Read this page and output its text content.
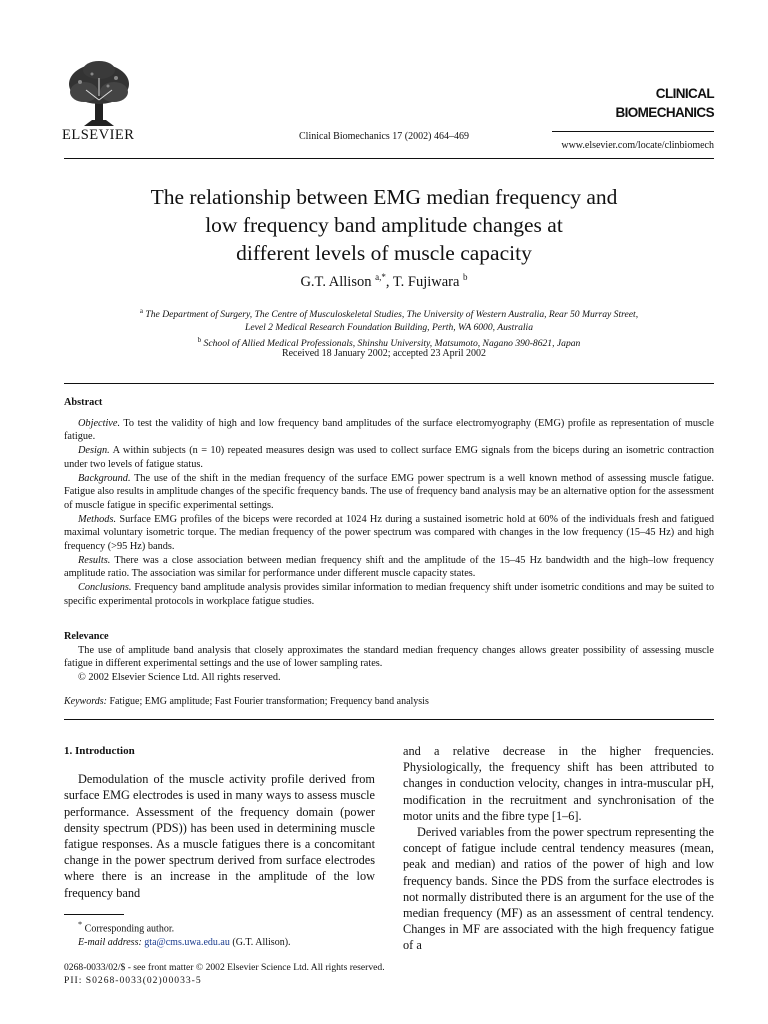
ELSEVIER	Clinical Biomechanics 17 (2002) 464–469
CLINICAL
BIOMECHANICS
www.elsevier.com/locate/clinbiomech
The relationship between EMG median frequency and
low frequency band amplitude changes at
different levels of muscle capacity
G.T. Allison $^{a,*}$, T. Fujiwara $^b$
$^a$ The Department of Surgery, The Centre of Musculoskeletal Studies, The University of Western Australia, Rear 50 Murray Street,
Level 2 Medical Research Foundation Building, Perth, WA 6000, Australia
$^b$ School of Allied Medical Professionals, Shinshu University, Matsumoto, Nagano 390-8621, Japan
Received 18 January 2002; accepted 23 April 2002
Abstract

Objective. To test the validity of high and low frequency band amplitudes of the surface electromyography (EMG) profile as representation of muscle fatigue.

Design. A within subjects (n = 10) repeated measures design was used to collect surface EMG signals from the biceps during an isometric contraction under two levels of fatigue status.

Background. The use of the shift in the median frequency of the surface EMG power spectrum is a well known method of assessing muscle fatigue. Fatigue also results in amplitude changes of the specific frequency bands. The use of frequency band analysis may be an alternative option for the assessment of muscle fatigue in specific experimental settings.

Methods. Surface EMG profiles of the biceps were recorded at 1024 Hz during a sustained isometric hold at 60% of the individuals fresh and fatigued maximal voluntary isometric torque. The median frequency of the power spectrum was compared with changes in the low frequency (15–45 Hz) and high frequency (>95 Hz) bands.

Results. There was a close association between median frequency shift and the amplitude of the 15–45 Hz bandwidth and the high–low frequency amplitude ratio. The association was similar for performance under different muscle capacity states.

Conclusions. Frequency band amplitude analysis provides similar information to median frequency shift under isometric conditions and may be suited to specific experimental protocols in workplace fatigue studies.

Relevance

The use of amplitude band analysis that closely approximates the standard median frequency changes allows greater possibility of assessing muscle fatigue in different experimental settings and the use of lower sampling rates.

© 2002 Elsevier Science Ltd. All rights reserved.

Keywords: Fatigue; EMG amplitude; Fast Fourier transformation; Frequency band analysis

1. Introduction

Demodulation of the muscle activity profile derived from surface EMG electrodes is used in many ways to assess muscle performance. Assessment of the frequency domain (power density spectrum (PDS)) has been used in determining muscle fatigue responses. As a muscle fatigues there is a concomitant change in the power spectrum derived from surface electrodes where there is an increase in the amplitude of the low frequency band

and a relative decrease in the higher frequencies. Physiologically, the frequency shift has been attributed to changes in conduction velocity, changes in intra-muscular pH, modification in the recruitment and synchronisation of the motor units and the fibre type [1–6].

Derived variables from the power spectrum representing the concept of fatigue include central tendency measures (mean, peak and median) and ratios of the power of high and low frequency bands. Since the PDS from the surface electrodes is not normally distributed there is an argument for the use of the median frequency (MF) as an assessment of central tendency. Changes in MF are associated with the high frequency fatigue of a

* Corresponding author.
E-mail address: gta@cms.uwa.edu.au (G.T. Allison).
0268-0033/02/$ - see front matter © 2002 Elsevier Science Ltd. All rights reserved.
PII: S0268-0033(02)00033-5
